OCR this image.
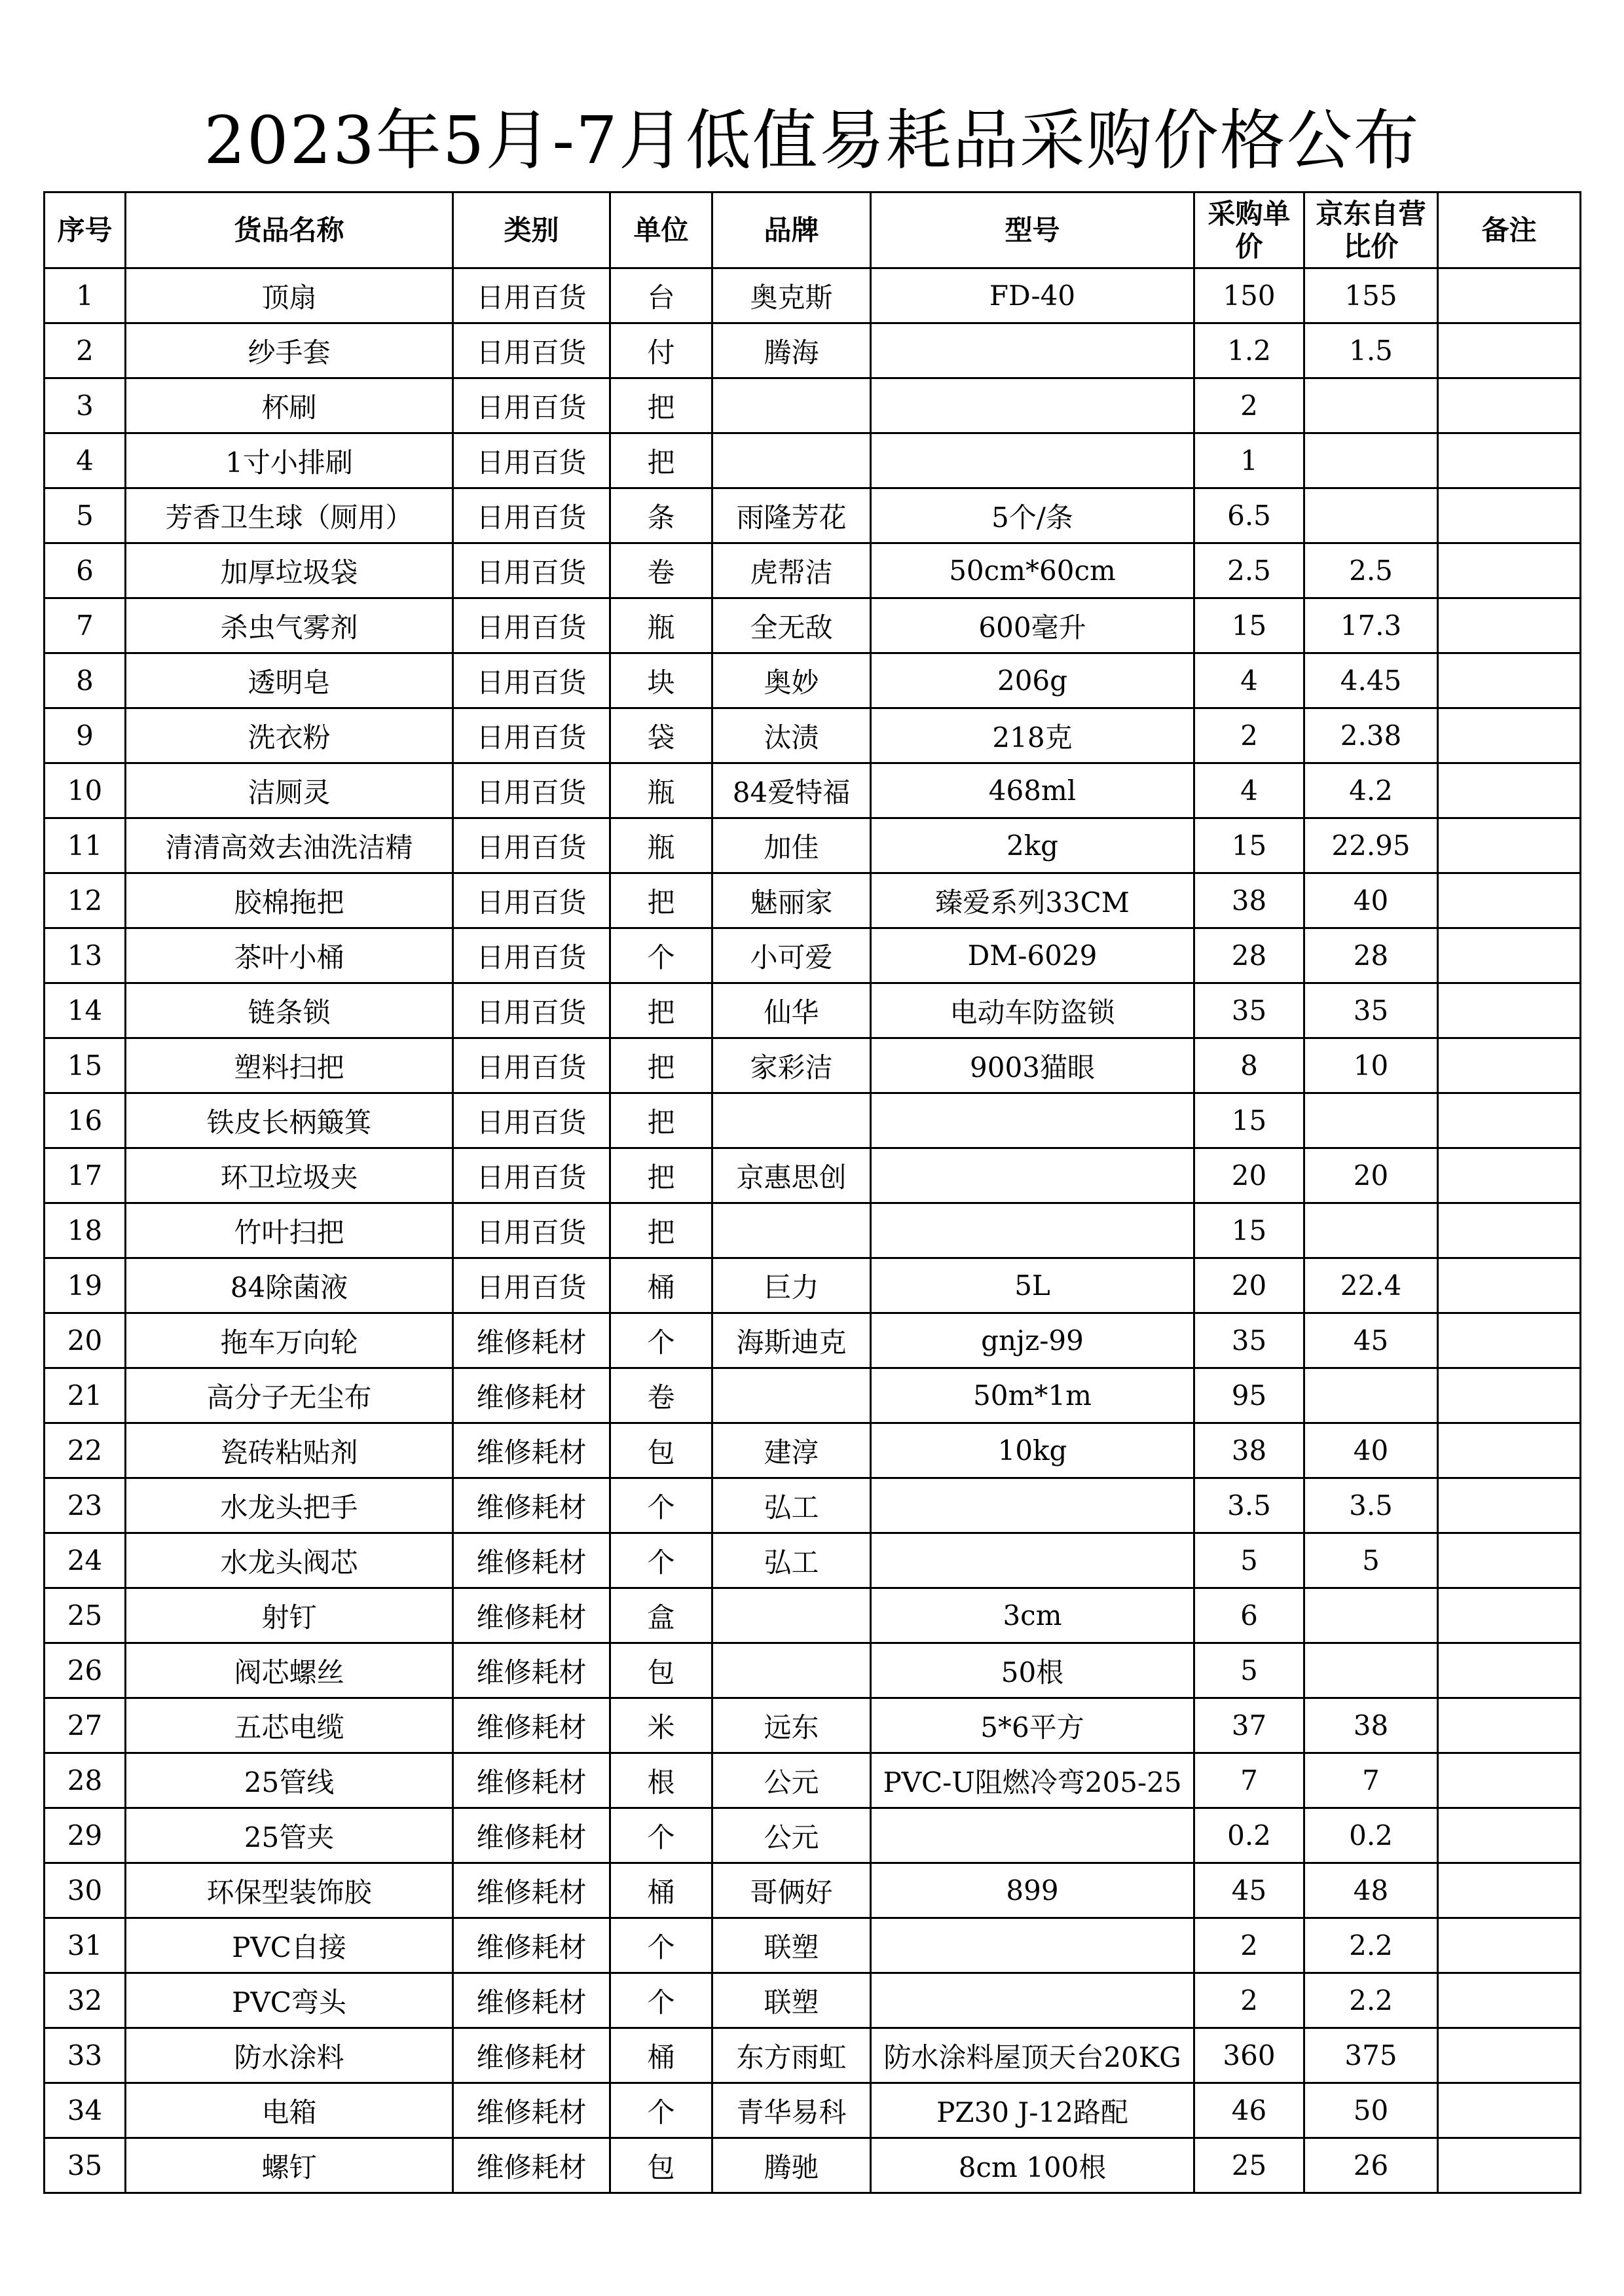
2023年5月-7月低值易耗品采购价格公布
序号	货品名称	类别	单位	品牌	型号	采购单价	京东自营比价	备注
1	顶扇	日用百货	台	奥克斯	FD-40	150	155	
2	纱手套	日用百货	付	腾海		1.2	1.5	
3	杯刷	日用百货	把			2		
4	1寸小排刷	日用百货	把			1		
5	芳香卫生球（厕用）	日用百货	条	雨隆芳花	5个/条	6.5		
6	加厚垃圾袋	日用百货	卷	虎帮洁	50cm*60cm	2.5	2.5	
7	杀虫气雾剂	日用百货	瓶	全无敌	600毫升	15	17.3	
8	透明皂	日用百货	块	奥妙	206g	4	4.45	
9	洗衣粉	日用百货	袋	汰渍	218克	2	2.38	
10	洁厕灵	日用百货	瓶	84爱特福	468ml	4	4.2	
11	清清高效去油洗洁精	日用百货	瓶	加佳	2kg	15	22.95	
12	胶棉拖把	日用百货	把	魅丽家	臻爱系列33CM	38	40	
13	茶叶小桶	日用百货	个	小可爱	DM-6029	28	28	
14	链条锁	日用百货	把	仙华	电动车防盗锁	35	35	
15	塑料扫把	日用百货	把	家彩洁	9003猫眼	8	10	
16	铁皮长柄簸箕	日用百货	把			15		
17	环卫垃圾夹	日用百货	把	京惠思创		20	20	
18	竹叶扫把	日用百货	把			15		
19	84除菌液	日用百货	桶	巨力	5L	20	22.4	
20	拖车万向轮	维修耗材	个	海斯迪克	gnjz-99	35	45	
21	高分子无尘布	维修耗材	卷		50m*1m	95		
22	瓷砖粘贴剂	维修耗材	包	建淳	10kg	38	40	
23	水龙头把手	维修耗材	个	弘工		3.5	3.5	
24	水龙头阀芯	维修耗材	个	弘工		5	5	
25	射钉	维修耗材	盒		3cm	6		
26	阀芯螺丝	维修耗材	包		50根	5		
27	五芯电缆	维修耗材	米	远东	5*6平方	37	38	
28	25管线	维修耗材	根	公元	PVC-U阻燃冷弯205-25	7	7	
29	25管夹	维修耗材	个	公元		0.2	0.2	
30	环保型装饰胶	维修耗材	桶	哥俩好	899	45	48	
31	PVC自接	维修耗材	个	联塑		2	2.2	
32	PVC弯头	维修耗材	个	联塑		2	2.2	
33	防水涂料	维修耗材	桶	东方雨虹	防水涂料屋顶天台20KG	360	375	
34	电箱	维修耗材	个	青华易科	PZ30 J-12路配	46	50	
35	螺钉	维修耗材	包	腾驰	8cm 100根	25	26	
